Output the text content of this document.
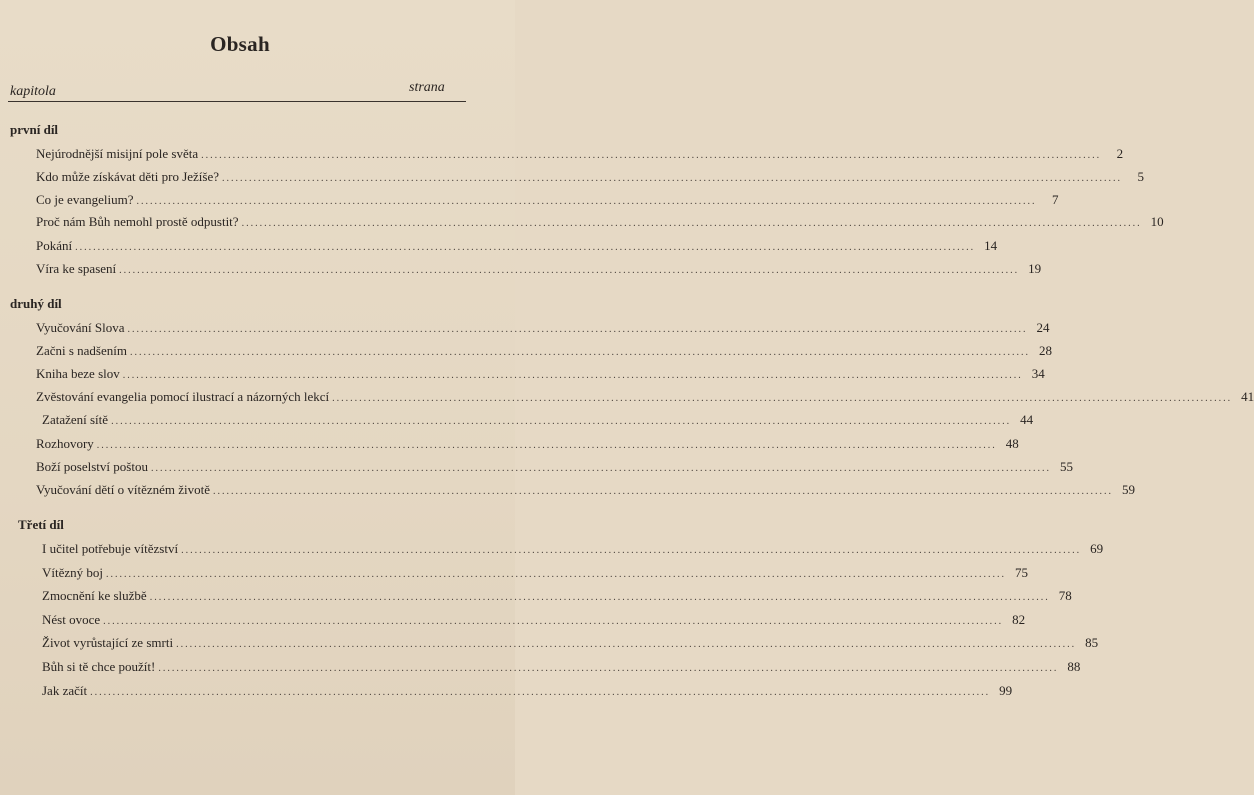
Obsah
kapitola	strana
první díl
Nejúrodnější misijní pole světa ........................................................................................................................................................................................................	2
Kdo může získávat děti pro Ježíše? ........................................................................................................................................................................................................	5
Co je evangelium? ........................................................................................................................................................................................................	7
Proč nám Bůh nemohl prostě odpustit? ........................................................................................................................................................................................................ 10
Pokání ........................................................................................................................................................................................................ 14
Víra ke spasení ........................................................................................................................................................................................................ 19
druhý díl
Vyučování Slova ........................................................................................................................................................................................................ 24
Začni s nadšením ........................................................................................................................................................................................................ 28
Kniha beze slov ........................................................................................................................................................................................................ 34
Zvěstování evangelia pomocí ilustrací a názorných lekcí ........................................................................................................................................................................................................ 41
Zatažení sítě ........................................................................................................................................................................................................ 44
Rozhovory ........................................................................................................................................................................................................ 48
Boží poselství poštou ........................................................................................................................................................................................................ 55
Vyučování dětí o vítězném životě ........................................................................................................................................................................................................ 59
Třetí díl
I učitel potřebuje vítězství ........................................................................................................................................................................................................ 69
Vítězný boj ........................................................................................................................................................................................................ 75
Zmocnění ke službě ........................................................................................................................................................................................................ 78
Nést ovoce ........................................................................................................................................................................................................ 82
Život vyrůstající ze smrti ........................................................................................................................................................................................................ 85
Bůh si tě chce použít! ........................................................................................................................................................................................................ 88
Jak začít ........................................................................................................................................................................................................ 99
